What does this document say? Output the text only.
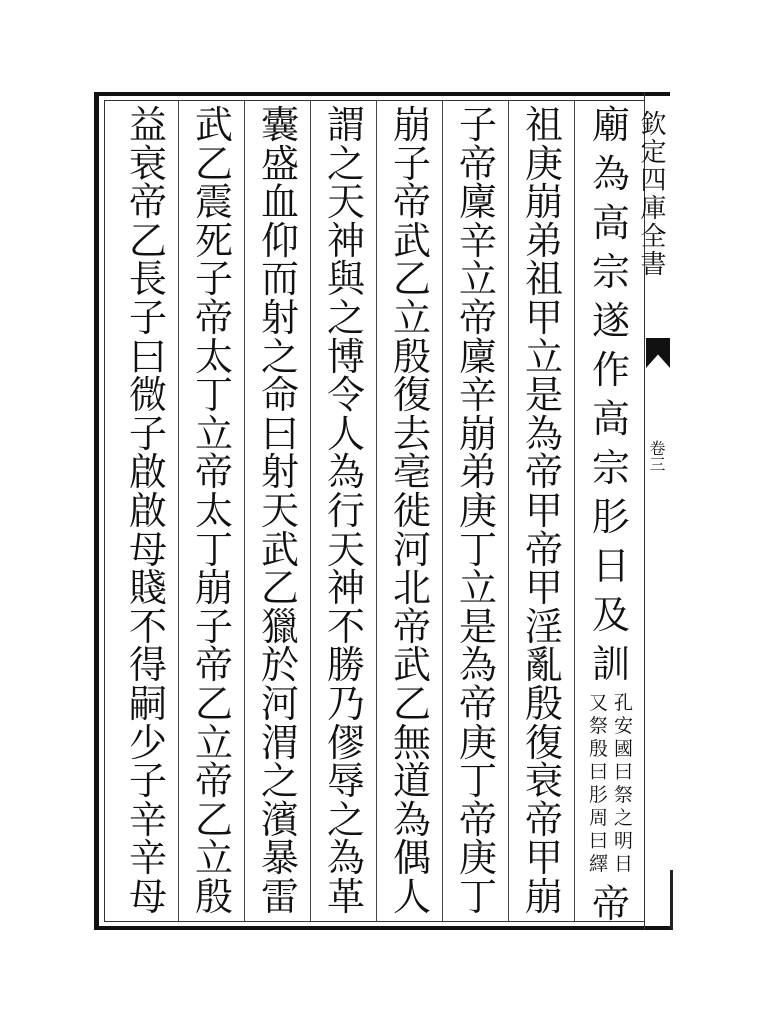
廟
為
高
宗
遂
作
高
宗
肜
日
及
訓
孔
安
國
曰
祭
之
明
日
又
祭
殷
曰
肜
周
曰
繹
帝
祖
庚
崩
弟
祖
甲
立
是
為
帝
甲
帝
甲
淫
亂
殷
復
衰
帝
甲
崩
子
帝
廩
辛
立
帝
廩
辛
崩
弟
庚
丁
立
是
為
帝
庚
丁
帝
庚
丁
崩
子
帝
武
乙
立
殷
復
去
亳
徙
河
北
帝
武
乙
無
道
為
偶
人
謂
之
天
神
與
之
博
令
人
為
行
天
神
不
勝
乃
僇
辱
之
為
革
囊
盛
血
仰
而
射
之
命
曰
射
天
武
乙
獵
於
河
渭
之
濱
暴
雷
武
乙
震
死
子
帝
太
丁
立
帝
太
丁
崩
子
帝
乙
立
帝
乙
立
殷
益
衰
帝
乙
長
子
曰
微
子
啟
啟
母
賤
不
得
嗣
少
子
辛
辛
母
欽定四庫全書
卷三
